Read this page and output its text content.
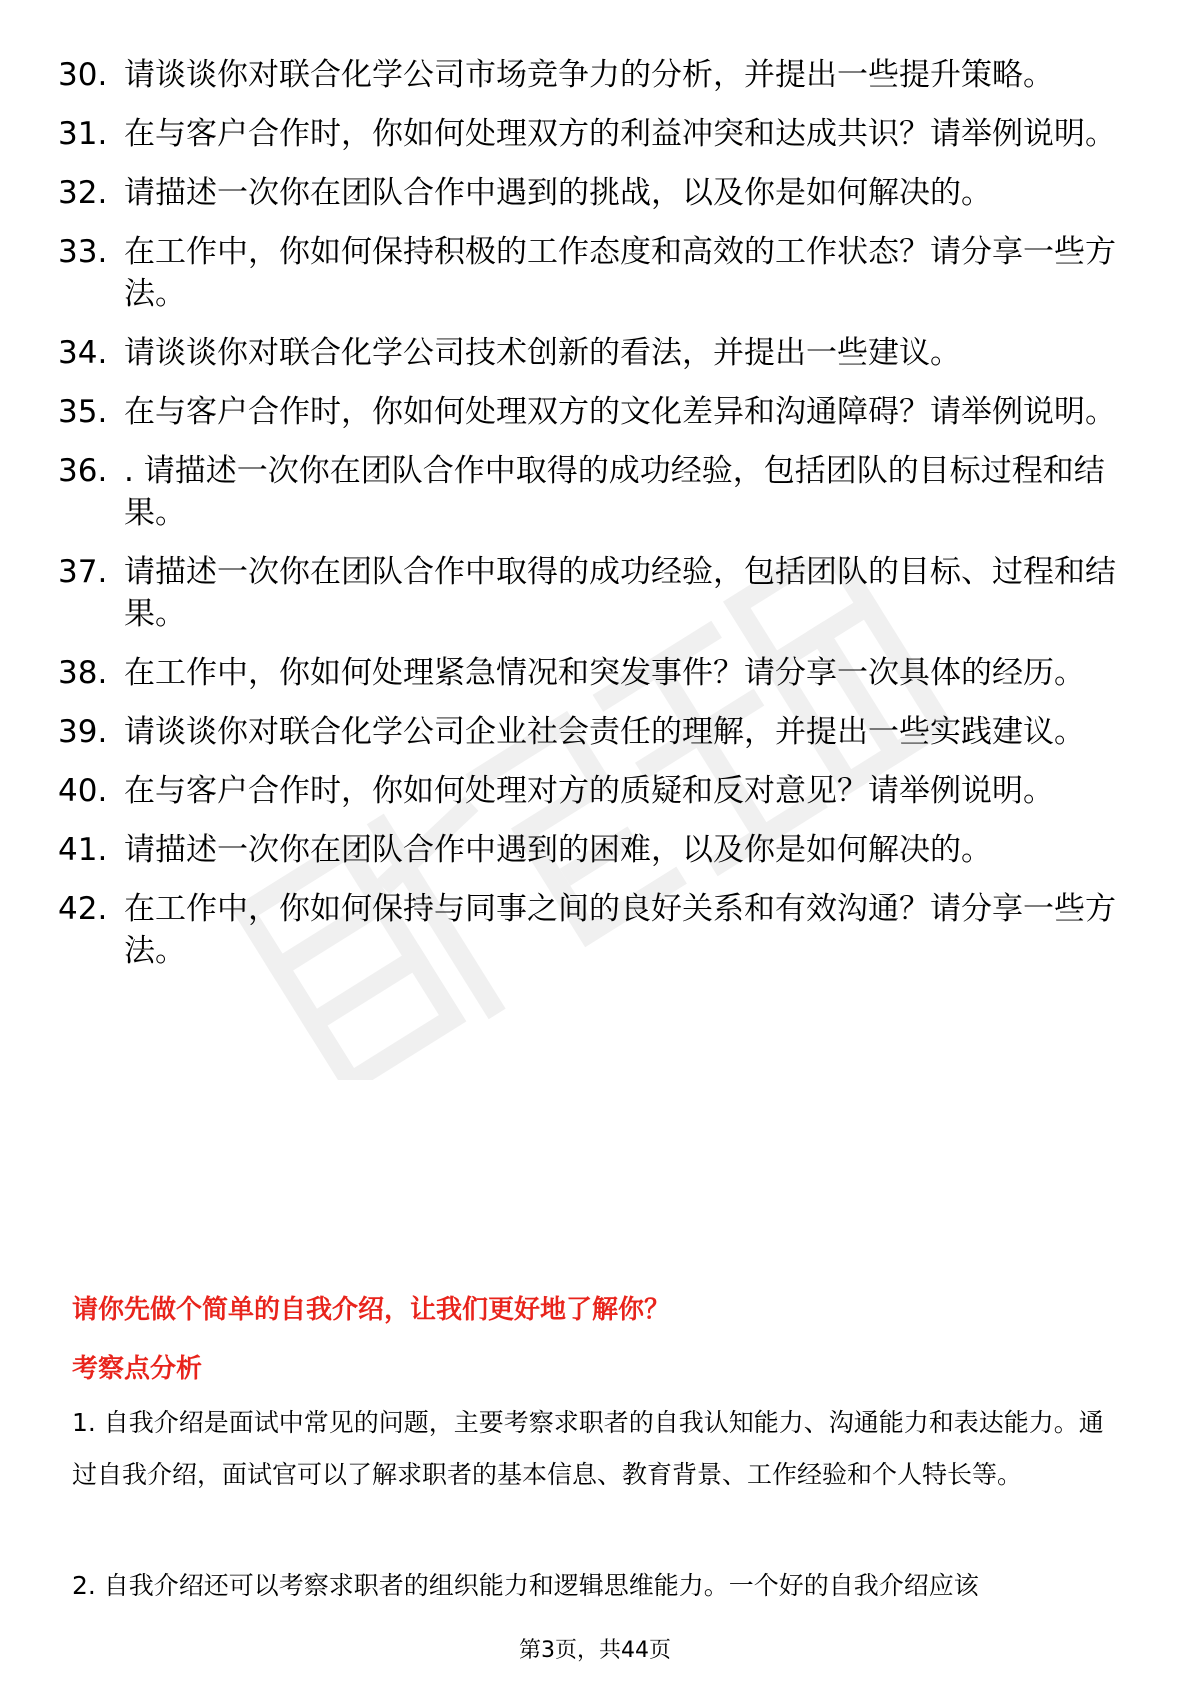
30. 请谈谈你对联合化学公司市场竞争力的分析，并提出一些提升策略。
31. 在与客户合作时，你如何处理双方的利益冲突和达成共识？请举例说明。
32. 请描述一次你在团队合作中遇到的挑战，以及你是如何解决的。
33. 在工作中，你如何保持积极的工作态度和高效的工作状态？请分享一些方法。
34. 请谈谈你对联合化学公司技术创新的看法，并提出一些建议。
35. 在与客户合作时，你如何处理双方的文化差异和沟通障碍？请举例说明。
36. . 请描述一次你在团队合作中取得的成功经验，包括团队的目标过程和结果。
37. 请描述一次你在团队合作中取得的成功经验，包括团队的目标、过程和结果。
38. 在工作中，你如何处理紧急情况和突发事件？请分享一次具体的经历。
39. 请谈谈你对联合化学公司企业社会责任的理解，并提出一些实践建议。
40. 在与客户合作时，你如何处理对方的质疑和反对意见？请举例说明。
41. 请描述一次你在团队合作中遇到的困难，以及你是如何解决的。
42. 在工作中，你如何保持与同事之间的良好关系和有效沟通？请分享一些方法。
请你先做个简单的自我介绍，让我们更好地了解你？
考察点分析
1. 自我介绍是面试中常见的问题，主要考察求职者的自我认知能力、沟通能力和表达能力。通过自我介绍，面试官可以了解求职者的基本信息、教育背景、工作经验和个人特长等。
2. 自我介绍还可以考察求职者的组织能力和逻辑思维能力。一个好的自我介绍应该
第3页，共44页
